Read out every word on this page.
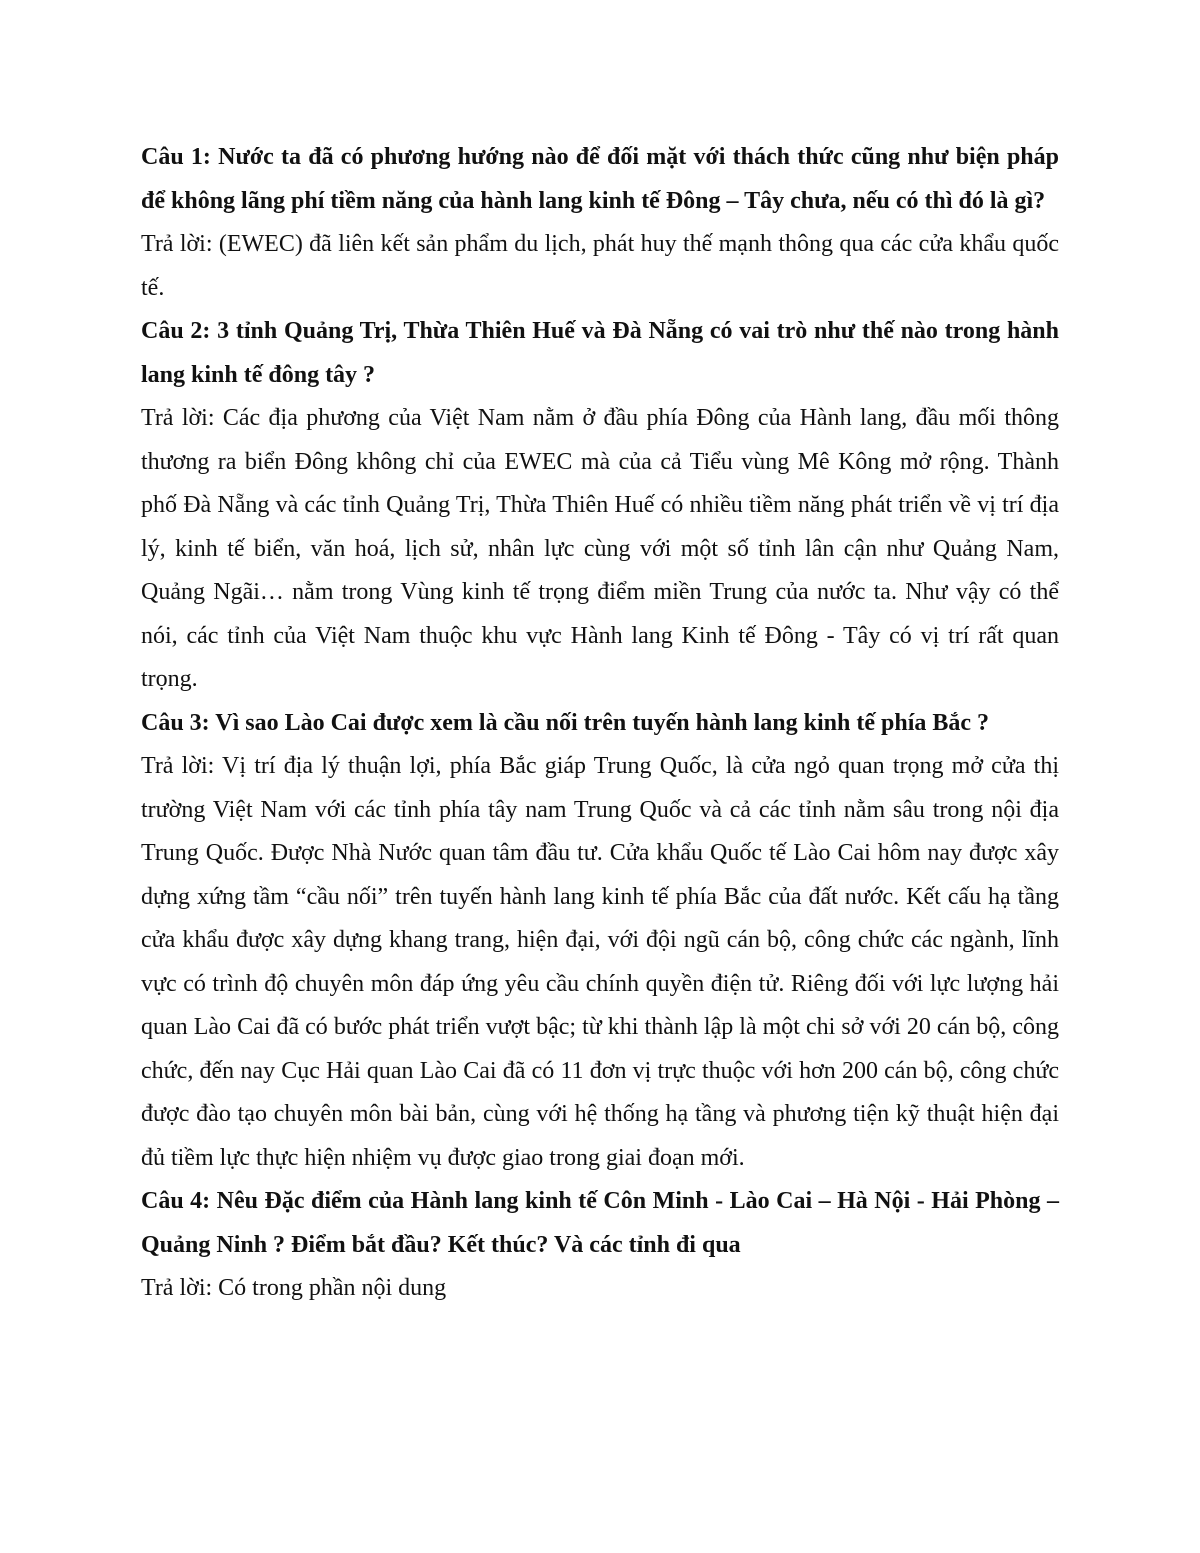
Câu 1: Nước ta đã có phương hướng nào để đối mặt với thách thức cũng như biện pháp để không lãng phí tiềm năng của hành lang kinh tế Đông – Tây chưa, nếu có thì đó là gì?

Trả lời: (EWEC) đã liên kết sản phẩm du lịch, phát huy thế mạnh thông qua các cửa khẩu quốc tế.

Câu 2: 3 tỉnh Quảng Trị, Thừa Thiên Huế và Đà Nẵng có vai trò như thế nào trong hành lang kinh tế đông tây ?

Trả lời: Các địa phương của Việt Nam nằm ở đầu phía Đông của Hành lang, đầu mối thông thương ra biển Đông không chỉ của EWEC mà của cả Tiểu vùng Mê Kông mở rộng. Thành phố Đà Nẵng và các tỉnh Quảng Trị, Thừa Thiên Huế có nhiều tiềm năng phát triển về vị trí địa lý, kinh tế biển, văn hoá, lịch sử, nhân lực cùng với một số tỉnh lân cận như Quảng Nam, Quảng Ngãi… nằm trong Vùng kinh tế trọng điểm miền Trung của nước ta. Như vậy có thể nói, các tỉnh của Việt Nam thuộc khu vực Hành lang Kinh tế Đông - Tây có vị trí rất quan trọng.

Câu 3: Vì sao Lào Cai được xem là cầu nối trên tuyến hành lang kinh tế phía Bắc ?

Trả lời: Vị trí địa lý thuận lợi, phía Bắc giáp Trung Quốc, là cửa ngỏ quan trọng mở cửa thị trường Việt Nam với các tỉnh phía tây nam Trung Quốc và cả các tỉnh nằm sâu trong nội địa Trung Quốc. Được Nhà Nước quan tâm đầu tư. Cửa khẩu Quốc tế Lào Cai hôm nay được xây dựng xứng tầm “cầu nối” trên tuyến hành lang kinh tế phía Bắc của đất nước. Kết cấu hạ tầng cửa khẩu được xây dựng khang trang, hiện đại, với đội ngũ cán bộ, công chức các ngành, lĩnh vực có trình độ chuyên môn đáp ứng yêu cầu chính quyền điện tử. Riêng đối với lực lượng hải quan Lào Cai đã có bước phát triển vượt bậc; từ khi thành lập là một chi sở với 20 cán bộ, công chức, đến nay Cục Hải quan Lào Cai đã có 11 đơn vị trực thuộc với hơn 200 cán bộ, công chức được đào tạo chuyên môn bài bản, cùng với hệ thống hạ tầng và phương tiện kỹ thuật hiện đại đủ tiềm lực thực hiện nhiệm vụ được giao trong giai đoạn mới.

Câu 4: Nêu Đặc điểm của Hành lang kinh tế Côn Minh - Lào Cai – Hà Nội - Hải Phòng – Quảng Ninh ? Điểm bắt đầu? Kết thúc? Và các tỉnh đi qua

Trả lời: Có trong phần nội dung
